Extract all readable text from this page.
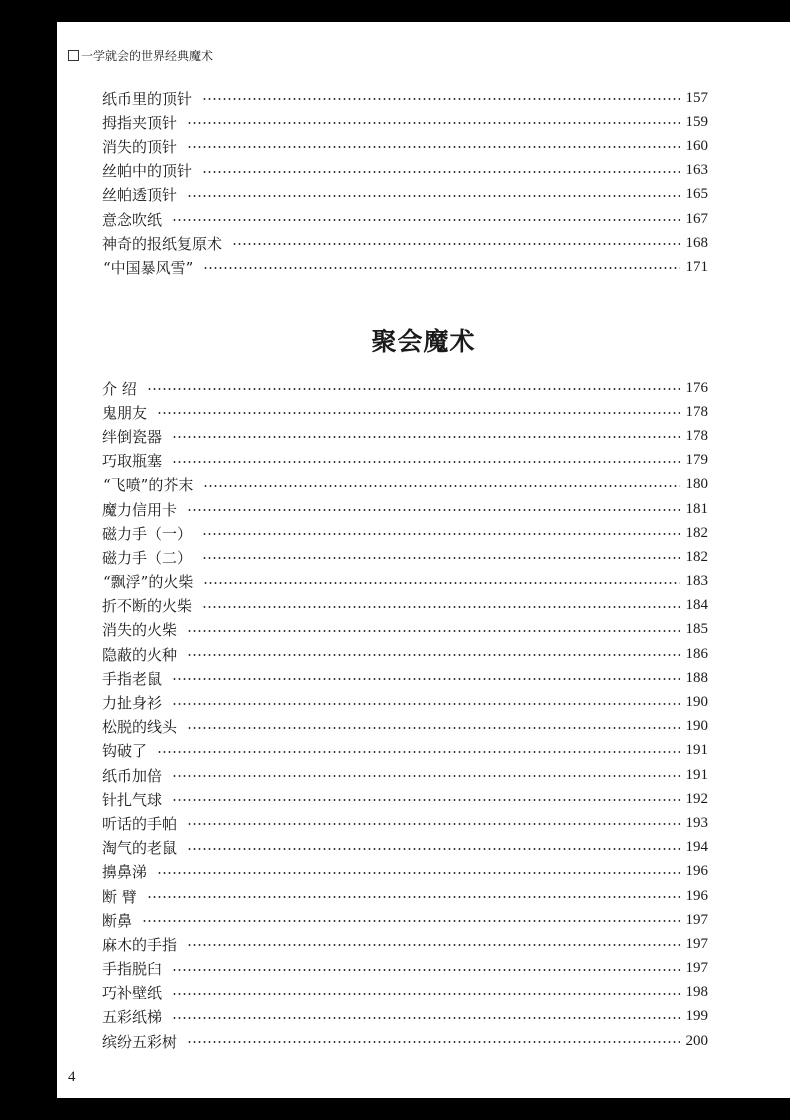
一学就会的世界经典魔术
纸币里的顶针	157
拇指夹顶针	159
消失的顶针	160
丝帕中的顶针	163
丝帕透顶针	165
意念吹纸	167
神奇的报纸复原术	168
“中国暴风雪”	171
聚会魔术
介 绍	176
鬼朋友	178
绊倒瓷器	178
巧取瓶塞	179
“飞喷”的芥末	180
魔力信用卡	181
磁力手（一）	182
磁力手（二）	182
“飘浮”的火柴	183
折不断的火柴	184
消失的火柴	185
隐蔽的火种	186
手指老鼠	188
力扯身衫	190
松脱的线头	190
钩破了	191
纸币加倍	191
针扎气球	192
听话的手帕	193
淘气的老鼠	194
擤鼻涕	196
断 臂	196
断鼻	197
麻木的手指	197
手指脱臼	197
巧补壁纸	198
五彩纸梯	199
缤纷五彩树	200
4
